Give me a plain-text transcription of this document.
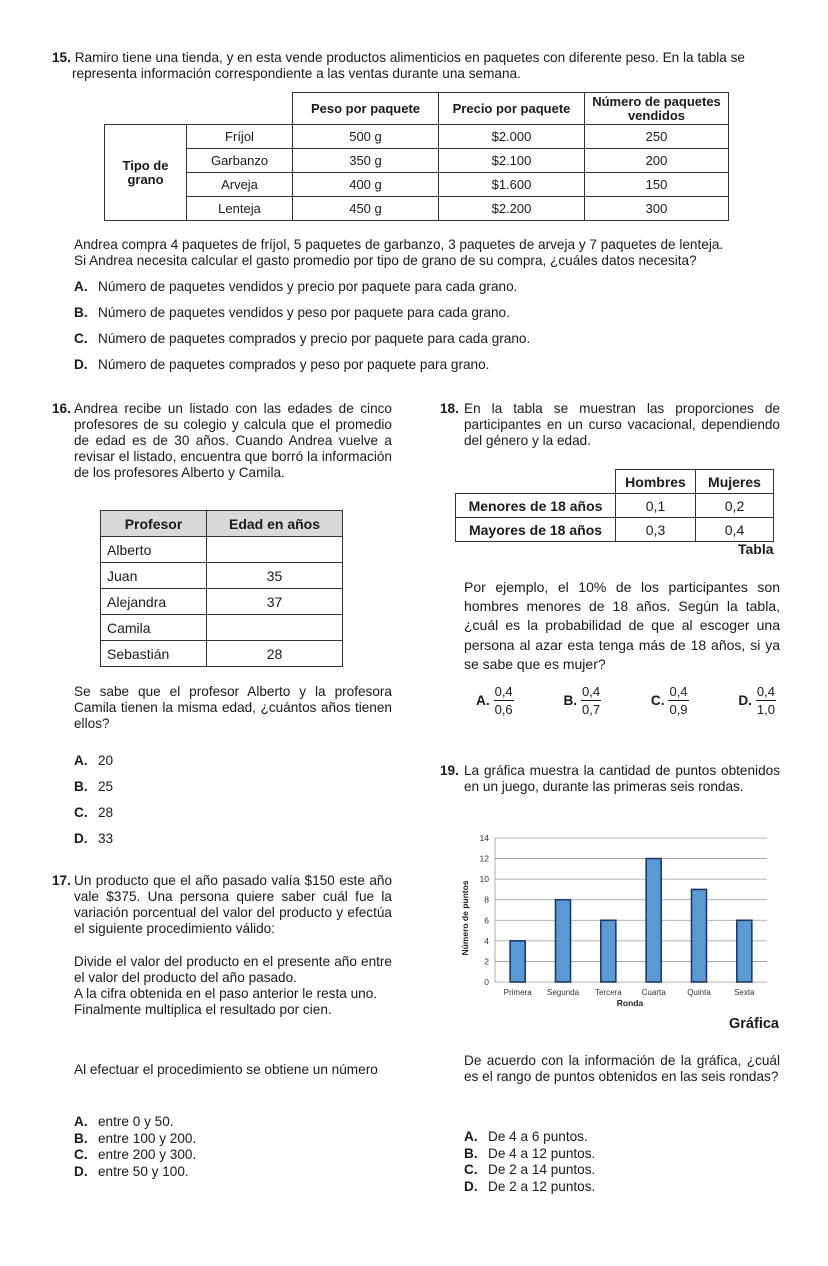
15. Ramiro tiene una tienda, y en esta vende productos alimenticios en paquetes con diferente peso. En la tabla se representa información correspondiente a las ventas durante una semana.
		Peso por paquete	Precio por paquete	Número de paquetes vendidos
Tipo de grano	Fríjol	500 g	$2.000	250
	Garbanzo	350 g	$2.100	200
	Arveja	400 g	$1.600	150
	Lenteja	450 g	$2.200	300
Andrea compra 4 paquetes de fríjol, 5 paquetes de garbanzo, 3 paquetes de arveja y 7 paquetes de lenteja.
Si Andrea necesita calcular el gasto promedio por tipo de grano de su compra, ¿cuáles datos necesita?
A. Número de paquetes vendidos y precio por paquete para cada grano.
B. Número de paquetes vendidos y peso por paquete para cada grano.
C. Número de paquetes comprados y precio por paquete para cada grano.
D. Número de paquetes comprados y peso por paquete para grano.
16. Andrea recibe un listado con las edades de cinco profesores de su colegio y calcula que el promedio de edad es de 30 años. Cuando Andrea vuelve a revisar el listado, encuentra que borró la información de los profesores Alberto y Camila.
Profesor	Edad en años
Alberto	
Juan	35
Alejandra	37
Camila	
Sebastián	28
Se sabe que el profesor Alberto y la profesora Camila tienen la misma edad, ¿cuántos años tienen ellos?
A. 20
B. 25
C. 28
D. 33
17. Un producto que el año pasado valía $150 este año vale $375. Una persona quiere saber cuál fue la variación porcentual del valor del producto y efectúa el siguiente procedimiento válido:
Divide el valor del producto en el presente año entre el valor del producto del año pasado.
A la cifra obtenida en el paso anterior le resta uno.
Finalmente multiplica el resultado por cien.
Al efectuar el procedimiento se obtiene un número
A. entre 0 y 50.
B. entre 100 y 200.
C. entre 200 y 300.
D. entre 50 y 100.
18. En la tabla se muestran las proporciones de participantes en un curso vacacional, dependiendo del género y la edad.
	Hombres	Mujeres
Menores de 18 años	0,1	0,2
Mayores de 18 años	0,3	0,4
Tabla
Por ejemplo, el 10% de los participantes son hombres menores de 18 años. Según la tabla, ¿cuál es la probabilidad de que al escoger una persona al azar esta tenga más de 18 años, si ya se sabe que es mujer?
A. $\frac{0,4}{0,6}$	B. $\frac{0,4}{0,7}$	C. $\frac{0,4}{0,9}$	D. $\frac{0,4}{1,0}$
19. La gráfica muestra la cantidad de puntos obtenidos en un juego, durante las primeras seis rondas.
0
2
4
6
8
10
12
14
Primera Segunda Tercera Cuarta	Quinta	Sexta
Número de puntos
Ronda
Gráfica
De acuerdo con la información de la gráfica, ¿cuál es el rango de puntos obtenidos en las seis rondas?
A. De 4 a 6 puntos.
B. De 4 a 12 puntos.
C. De 2 a 14 puntos.
D. De 2 a 12 puntos.
